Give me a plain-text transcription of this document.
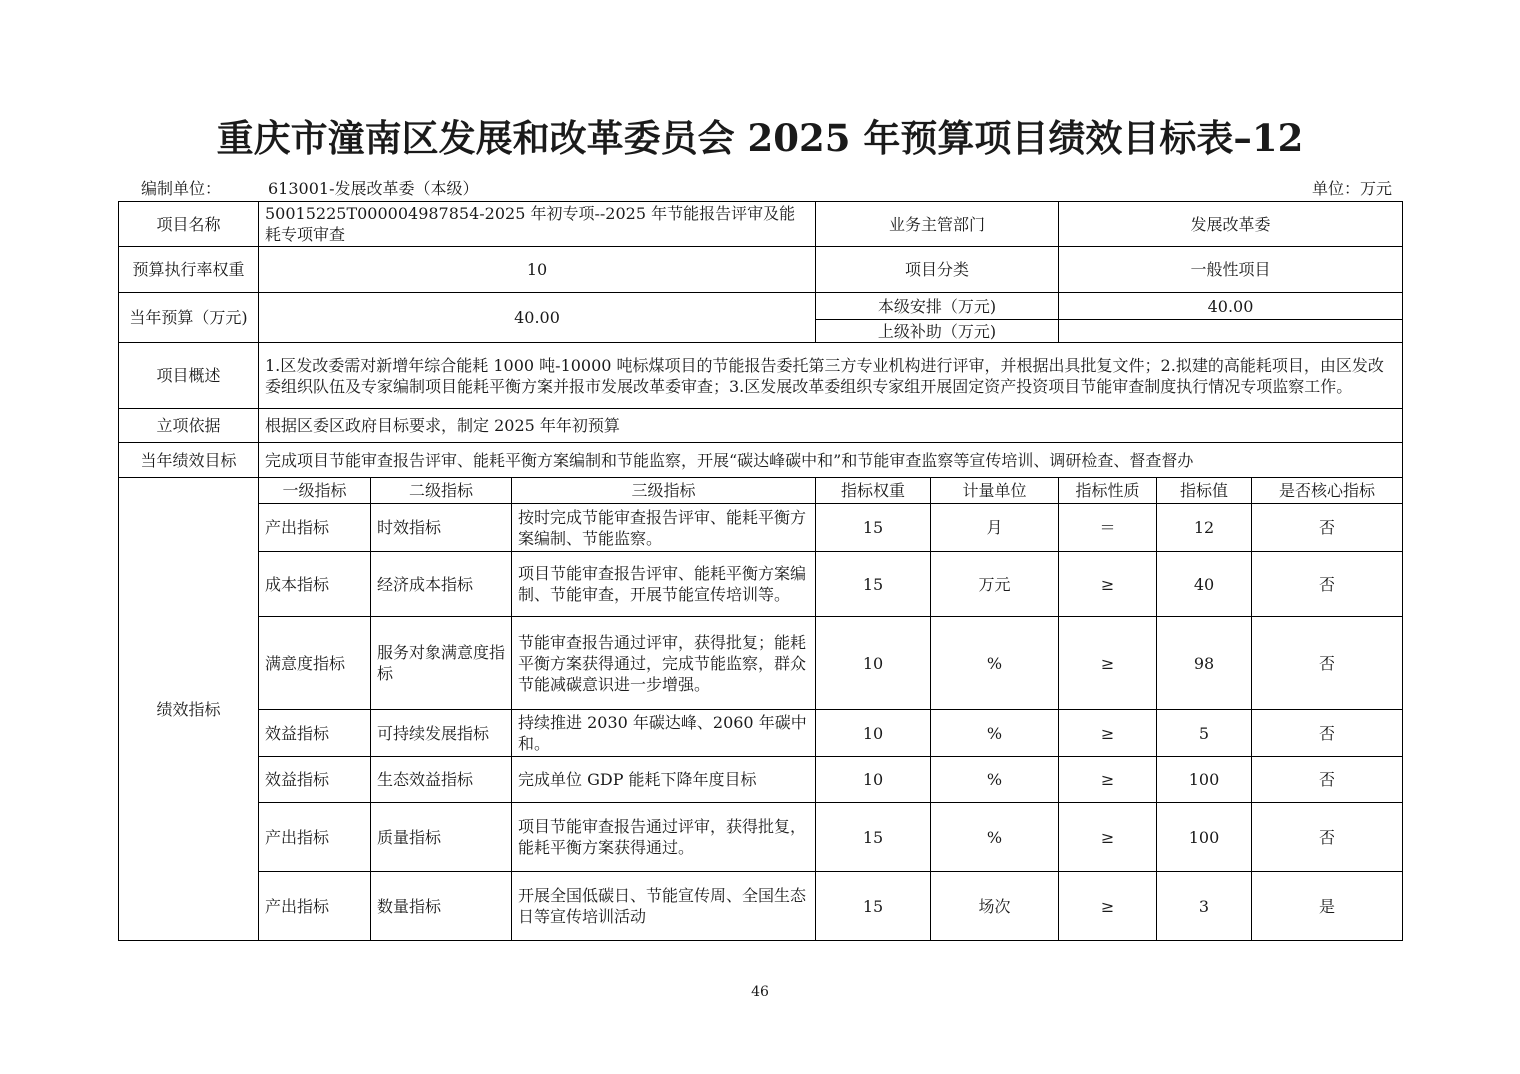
重庆市潼南区发展和改革委员会 2025 年预算项目绩效目标表–12
编制单位：	613001-发展改革委（本级）	单位：万元
项目名称	50015225T000004987854-2025 年初专项--2025 年节能报告评审及能耗专项审查			业务主管部门		发展改革委		
预算执行率权重	10			项目分类		一般性项目		
当年预算（万元)	40.00			本级安排（万元)		40.00		
				上级补助（万元)				
项目概述	1.区发改委需对新增年综合能耗 1000 吨-10000 吨标煤项目的节能报告委托第三方专业机构进行评审，并根据出具批复文件；2.拟建的高能耗项目，由区发改委组织队伍及专家编制项目能耗平衡方案并报市发展改革委审查；3.区发展改革委组织专家组开展固定资产投资项目节能审查制度执行情况专项监察工作。							
立项依据	根据区委区政府目标要求，制定 2025 年年初预算							
当年绩效目标	完成项目节能审查报告评审、能耗平衡方案编制和节能监察，开展“碳达峰碳中和”和节能审查监察等宣传培训、调研检查、督查督办							
绩效指标	一级指标	二级指标	三级指标	指标权重	计量单位	指标性质	指标值	是否核心指标
	产出指标	时效指标	按时完成节能审查报告评审、能耗平衡方案编制、节能监察。	15	月	＝	12	否
	成本指标	经济成本指标	项目节能审查报告评审、能耗平衡方案编制、节能审查，开展节能宣传培训等。	15	万元	≥	40	否
	满意度指标	服务对象满意度指标	节能审查报告通过评审，获得批复；能耗平衡方案获得通过，完成节能监察，群众节能减碳意识进一步增强。	10	%	≥	98	否
	效益指标	可持续发展指标	持续推进 2030 年碳达峰、2060 年碳中和。	10	%	≥	5	否
	效益指标	生态效益指标	完成单位 GDP 能耗下降年度目标	10	%	≥	100	否
	产出指标	质量指标	项目节能审查报告通过评审，获得批复，能耗平衡方案获得通过。	15	%	≥	100	否
	产出指标	数量指标	开展全国低碳日、节能宣传周、全国生态日等宣传培训活动	15	场次	≥	3	是
46
